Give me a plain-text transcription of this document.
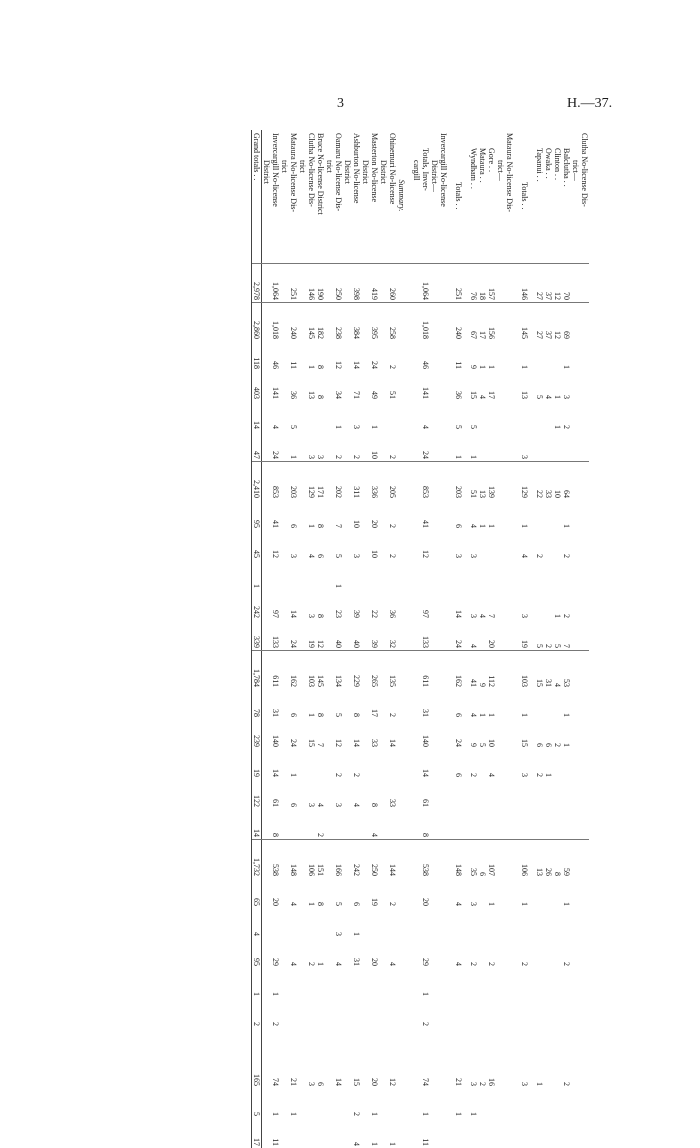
3	H.—37.
Clutha No-license Dis-																												
trict—																												
Balclutha . .	70	69	1	3	2		64	1	2		2	7	53	1	1				59	1		2				2		
Clinton . .	12	12		1	1		10				1	5	4		2				8									
Owaka . .	37	37		4			33					2	31		6	1			26									
Tapanui . .	27	27		5			22		2			5	15		6	2			13							1		

Totals . .	146	145	1	13		3	129	1	4		3	19	103	1	15	3			106	1		2				3		

Mataura No-license Dis-																												
trict—																												
Gore . .	157	156	1	17			139	1			7	20	112	1	10	4			107	1		2				16		
Mataura . .	18	17	1	4			13	1			4		9	1	5				6							2		
Wyndham . .	76	67	9	15	5	1	51	4	3		3	4	41	4	9	2			35	3		2				3	1	

Totals . .	251	240	11	36	5	1	203	6	3		14	24	162	6	24	6			148	4		4				21	1	

Invercargill No-license																												
District—																												
Totals, Inver-	1,064	1,018	46	141	4	24	853	41	12		97	133	611	31	140	14	61	8	538	20		29	1	2		74	1	11
cargill																												

Summary.																												
Ohinemuri No-license	260	258	2	51		2	205	2	2		36	32	135	2	14		33		144	2		4				12		1
District																												
Masterton No-license	419	395	24	49	1	10	336	20	10		22	39	265	17	33		8	4	250	19		20				20	1	1
District																												
Ashburton No-license	398	384	14	71	3	2	311	10	3		39	40	229	8	14	2	4		242	6	1	31				15	2	4
District																												
Oamaru No-license Dis-	250	238	12	34	1	2	202	7	5	1	23	40	134	5	12	2	3		166	5	3	4				14		
trict																												
Bruce No-license District	190	182	8	8		3	171	8	6		8	12	145	8	7		4	2	151	8		1				6		
Clutha No-license Dis-	146	145	1	13		3	129	1	4		3	19	103	1	15		3		106	1		2				3		
trict																												
Mataura No-license Dis-	251	240	11	36	5	1	203	6	3		14	24	162	6	24	1	6		148	4		4				21	1	
trict																												
Invercargill No-license	1,064	1,018	46	141	4	24	853	41	12		97	133	611	31	140	14	61	8	538	20		29	1	2		74	1	11
District																												
Grand totals . .	2,978	2,860	118	403	14	47	2,410	95	45	1	242	339	1,784	78	239	19	122	14	1,732	65	4	95	1	2		165	5	17
